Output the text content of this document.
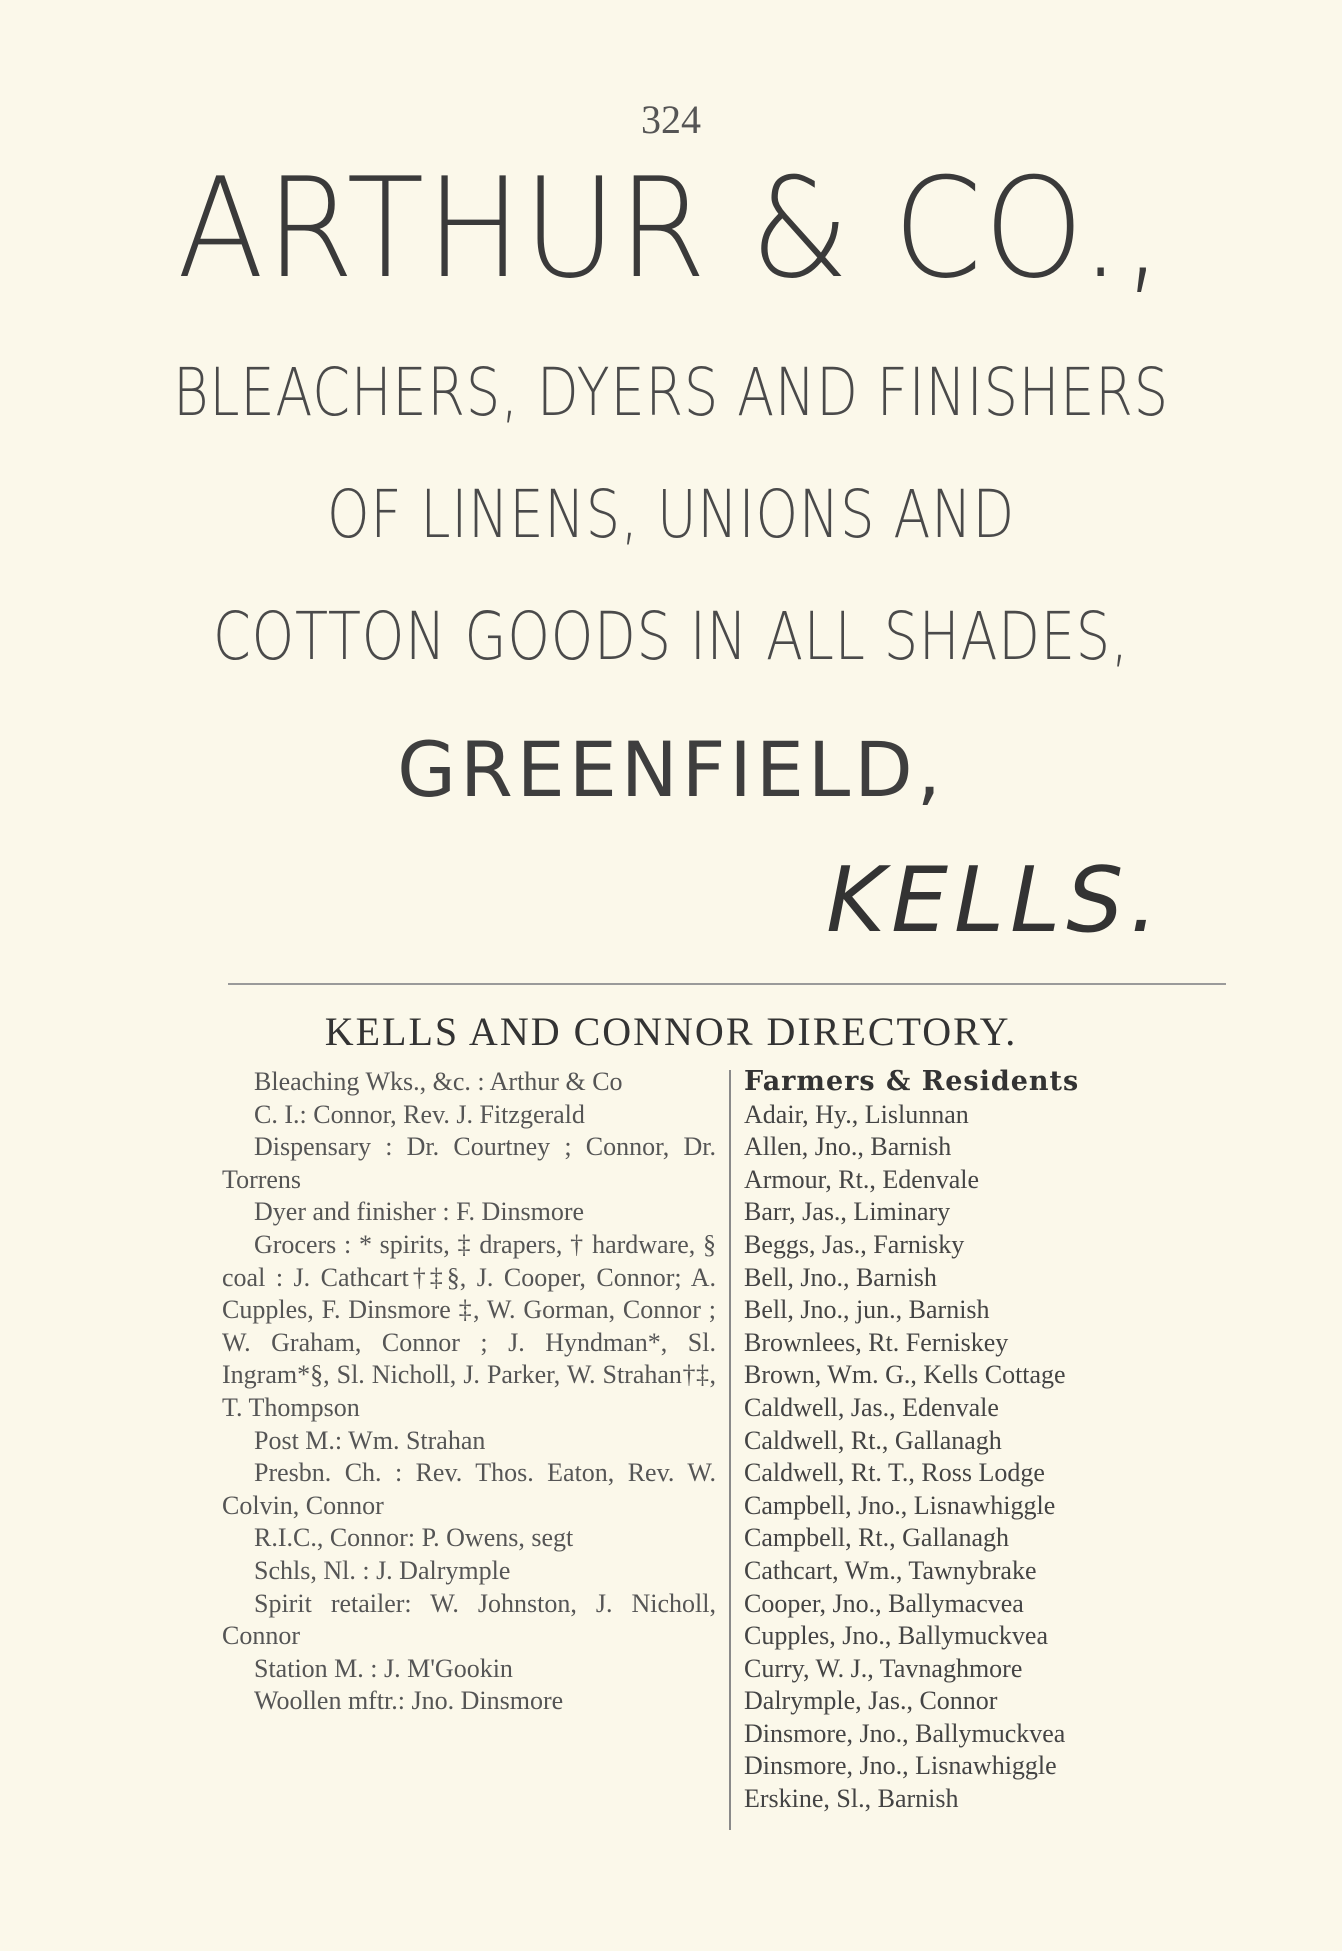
324
ARTHUR & CO.,
BLEACHERS, DYERS AND FINISHERS
OF LINENS, UNIONS AND
COTTON GOODS IN ALL SHADES,
GREENFIELD,
KELLS.
KELLS AND CONNOR DIRECTORY.

Bleaching Wks., &c. : Arthur & Co

C. I.: Connor, Rev. J. Fitzgerald

Dispensary : Dr. Courtney ; Connor, Dr. Torrens

Dyer and finisher : F. Dinsmore

Grocers : * spirits, ‡ drapers, † hardware, § coal : J. Cathcart†‡§, J. Cooper, Connor; A. Cupples, F. Dinsmore ‡, W. Gorman, Connor ; W. Graham, Connor ; J. Hyndman*, Sl. Ingram*§, Sl. Nicholl, J. Parker, W. Strahan†‡, T. Thompson

Post M.: Wm. Strahan

Presbn. Ch. : Rev. Thos. Eaton, Rev. W. Colvin, Connor

R.I.C., Connor: P. Owens, segt

Schls, Nl. : J. Dalrymple

Spirit retailer: W. Johnston, J. Nicholl, Connor

Station M. : J. M'Gookin

Woollen mftr.: Jno. Dinsmore

Farmers & Residents
Adair, Hy., Lislunnan
Allen, Jno., Barnish
Armour, Rt., Edenvale
Barr, Jas., Liminary
Beggs, Jas., Farnisky
Bell, Jno., Barnish
Bell, Jno., jun., Barnish
Brownlees, Rt. Ferniskey
Brown, Wm. G., Kells Cottage
Caldwell, Jas., Edenvale
Caldwell, Rt., Gallanagh
Caldwell, Rt. T., Ross Lodge
Campbell, Jno., Lisnawhiggle
Campbell, Rt., Gallanagh
Cathcart, Wm., Tawnybrake
Cooper, Jno., Ballymacvea
Cupples, Jno., Ballymuckvea
Curry, W. J., Tavnaghmore
Dalrymple, Jas., Connor
Dinsmore, Jno., Ballymuckvea
Dinsmore, Jno., Lisnawhiggle
Erskine, Sl., Barnish
